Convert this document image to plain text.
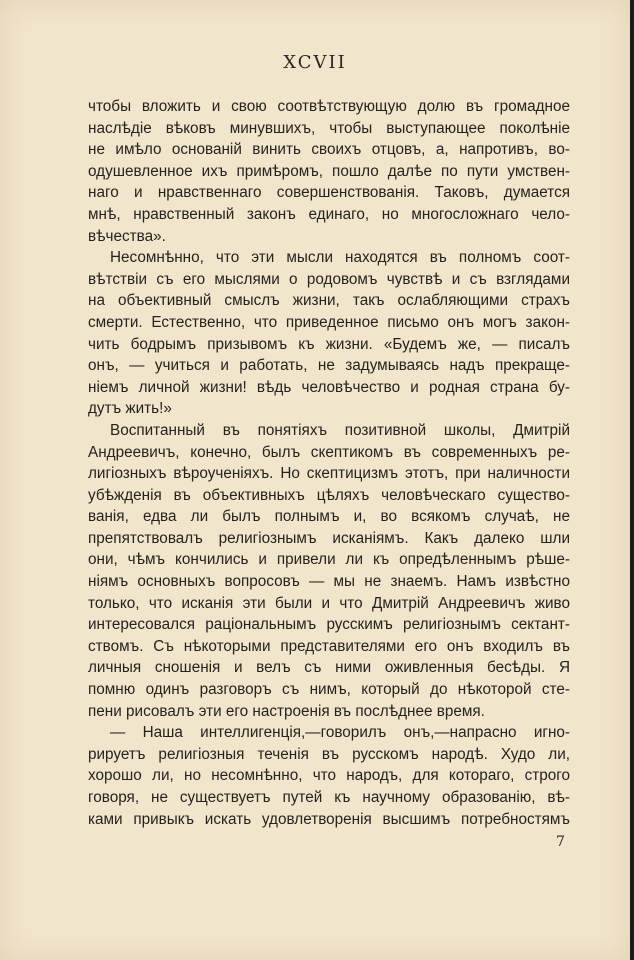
XCVII
чтобы вложить и свою соотвѣтствующую долю въ громадное
наслѣдіе вѣковъ минувшихъ, чтобы выступающее поколѣніе
не имѣло основаній винить своихъ отцовъ, а, напротивъ, во-
одушевленное ихъ примѣромъ, пошло далѣе по пути умствен-
наго и нравственнаго совершенствованія. Таковъ, думается
мнѣ, нравственный законъ единаго, но многосложнаго чело-
вѣчества».
Несомнѣнно, что эти мысли находятся въ полномъ соот-
вѣтствіи съ его мыслями о родовомъ чувствѣ и съ взглядами
на объективный смыслъ жизни, такъ ослабляющими страхъ
смерти. Естественно, что приведенное письмо онъ могъ закон-
чить бодрымъ призывомъ къ жизни. «Будемъ же, — писалъ
онъ, — учиться и работать, не задумываясь надъ прекраще-
ніемъ личной жизни! вѣдь человѣчество и родная страна бу-
дутъ жить!»
Воспитанный въ понятіяхъ позитивной школы, Дмитрій
Андреевичъ, конечно, былъ скептикомъ въ современныхъ ре-
лигіозныхъ вѣроученіяхъ. Но скептицизмъ этотъ, при наличности
убѣжденія въ объективныхъ цѣляхъ человѣческаго существо-
ванія, едва ли былъ полнымъ и, во всякомъ случаѣ, не
препятствовалъ религіознымъ исканіямъ. Какъ далеко шли
они, чѣмъ кончились и привели ли къ опредѣленнымъ рѣше-
ніямъ основныхъ вопросовъ — мы не знаемъ. Намъ извѣстно
только, что исканія эти были и что Дмитрій Андреевичъ живо
интересовался раціональнымъ русскимъ религіознымъ сектант-
ствомъ. Съ нѣкоторыми представителями его онъ входилъ въ
личныя сношенія и велъ съ ними оживленныя бесѣды. Я
помню одинъ разговоръ съ нимъ, который до нѣкоторой сте-
пени рисовалъ эти его настроенія въ послѣднее время.
— Наша интеллигенція,—говорилъ онъ,—напрасно игно-
рируетъ религіозныя теченія въ русскомъ народѣ. Худо ли,
хорошо ли, но несомнѣнно, что народъ, для котораго, строго
говоря, не существуетъ путей къ научному образованію, вѣ-
ками привыкъ искать удовлетворенія высшимъ потребностямъ
7
